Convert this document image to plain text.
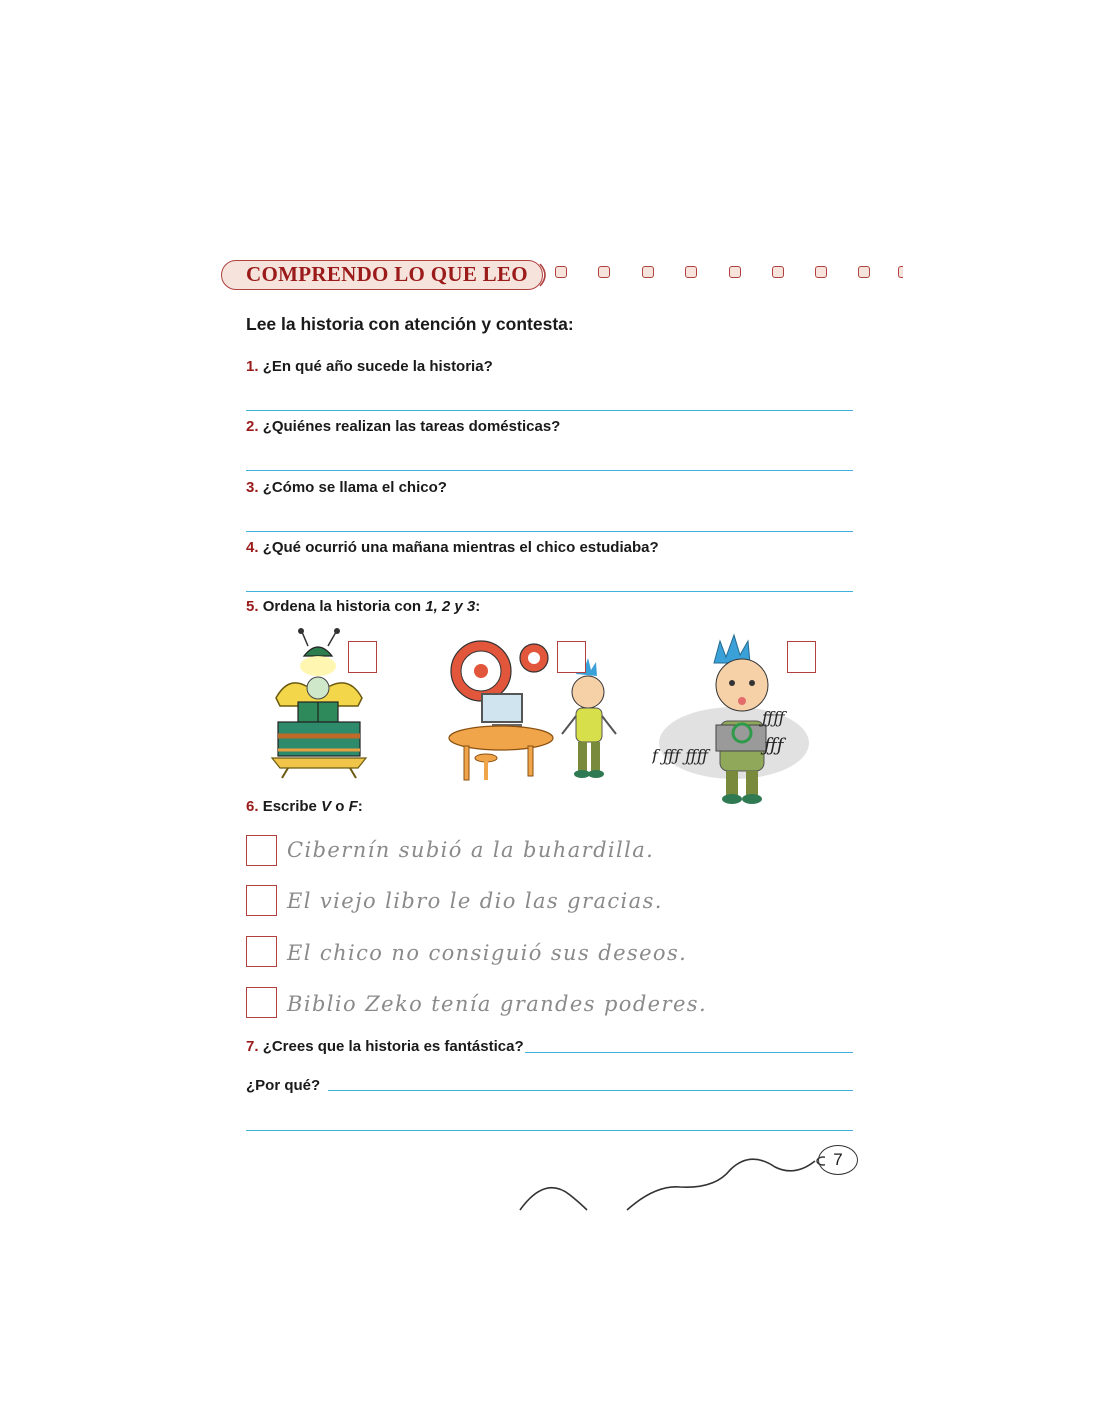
COMPRENDO LO QUE LEO
Lee la historia con atención y contesta:
1. ¿En qué año sucede la historia?
2. ¿Quiénes realizan las tareas domésticas?
3. ¿Cómo se llama el chico?
4. ¿Qué ocurrió una mañana mientras el chico estudiaba?
5. Ordena la historia con 1, 2 y 3:
ƒ ƒƒƒ ƒƒƒƒ
ƒƒƒƒ
ƒƒƒ
6. Escribe V o F:
Cibernín subió a la buhardilla.
El viejo libro le dio las gracias.
El chico no consiguió sus deseos.
Biblio Zeko tenía grandes poderes.
7. ¿Crees que la historia es fantástica?
¿Por qué?
7
